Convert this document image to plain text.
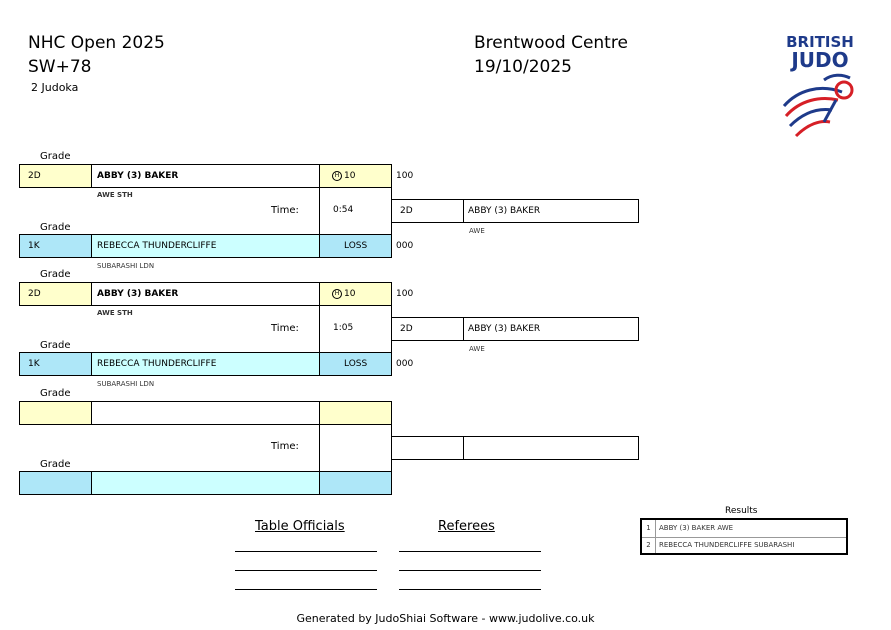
NHC Open 2025
SW+78
2 Judoka
Brentwood Centre
19/10/2025
BRITISH
JUDO
Grade
2D	ABBY (3) BAKER	H 10	100
AWE STH
Time:	0:54	2D	ABBY (3) BAKER
AWE
Grade
1K	REBECCA THUNDERCLIFFE	LOSS	000
SUBARASHI LDN
Grade
2D	ABBY (3) BAKER	H 10	100
AWE STH
Time:	1:05	2D	ABBY (3) BAKER
AWE
Grade
1K	REBECCA THUNDERCLIFFE	LOSS	000
SUBARASHI LDN
Grade
Time:
Grade
Table Officials	Referees
Results
1	ABBY (3) BAKER AWE
2	REBECCA THUNDERCLIFFE SUBARASHI
Generated by JudoShiai Software - www.judolive.co.uk
